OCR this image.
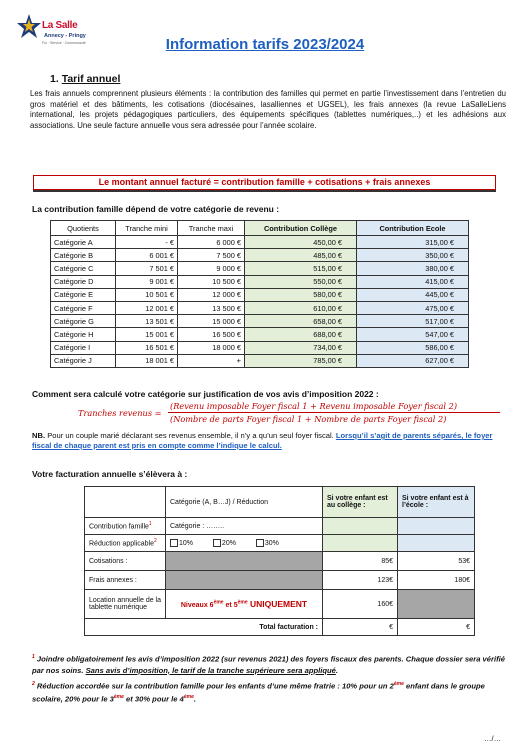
La Salle
Annecy - Pringy
Foi · Service · Communauté	Information tarifs 2023/2024
1. Tarif annuel
Les frais annuels comprennent plusieurs éléments : la contribution des familles qui permet en partie l’investissement dans l’entretien du gros matériel et des bâtiments, les cotisations (diocésaines, lasalliennes et UGSEL), les frais annexes (la revue LaSalleLiens international, les projets pédagogiques particuliers, des équipements spécifiques (tablettes numériques,..) et les adhésions aux associations. Une seule facture annuelle vous sera adressée pour l’année scolaire.
Le montant annuel facturé = contribution famille + cotisations + frais annexes
La contribution famille dépend de votre catégorie de revenu :
Quotients	Tranche mini	Tranche maxi	Contribution Collège	Contribution Ecole
Catégorie A	- €	6 000 €	450,00 €	315,00 €
Catégorie B	6 001 €	7 500 €	485,00 €	350,00 €
Catégorie C	7 501 €	9 000 €	515,00 €	380,00 €
Catégorie D	9 001 €	10 500 €	550,00 €	415,00 €
Catégorie E	10 501 €	12 000 €	580,00 €	445,00 €
Catégorie F	12 001 €	13 500 €	610,00 €	475,00 €
Catégorie G	13 501 €	15 000 €	658,00 €	517,00 €
Catégorie H	15 001 €	16 500 €	688,00 €	547,00 €
Catégorie I	16 501 €	18 000 €	734,00 €	586,00 €
Catégorie J	18 001 €	+	785,00 €	627,00 €
Comment sera calculé votre catégorie sur justification de vos avis d’imposition 2022 :
Tranches revenus =
(Revenu imposable Foyer fiscal 1 + Revenu imposable Foyer fiscal 2)
(Nombre de parts Foyer fiscal 1 + Nombre de parts Foyer fiscal 2)
NB. Pour un couple marié déclarant ses revenus ensemble, il n’y a qu’un seul foyer fiscal. Lorsqu’il s’agit de parents séparés, le foyer fiscal de chaque parent est pris en compte comme l’indique le calcul.
Votre facturation annuelle s’élèvera à :
	Catégorie (A, B…J) / Réduction	Si votre enfant est au collège :	Si votre enfant est à l’école :
Contribution famille$^1$	Catégorie : ……..		
Réduction applicable$^2$	10% 20% 30%		
Cotisations :		85€	53€
Frais annexes :		123€	180€
Location annuelle de la tablette numérique	Niveaux 6ème et 5ème UNIQUEMENT	160€	
Total facturation :		€	€
$^1$ Joindre obligatoirement les avis d’imposition 2022 (sur revenus 2021) des foyers fiscaux des parents. Chaque dossier sera vérifié par nos soins. Sans avis d’imposition, le tarif de la tranche supérieure sera appliqué.
$^2$ Réduction accordée sur la contribution famille pour les enfants d’une même fratrie : 10% pour un 2ème enfant dans le groupe scolaire, 20% pour le 3ème et 30% pour le 4ème.
…/…
